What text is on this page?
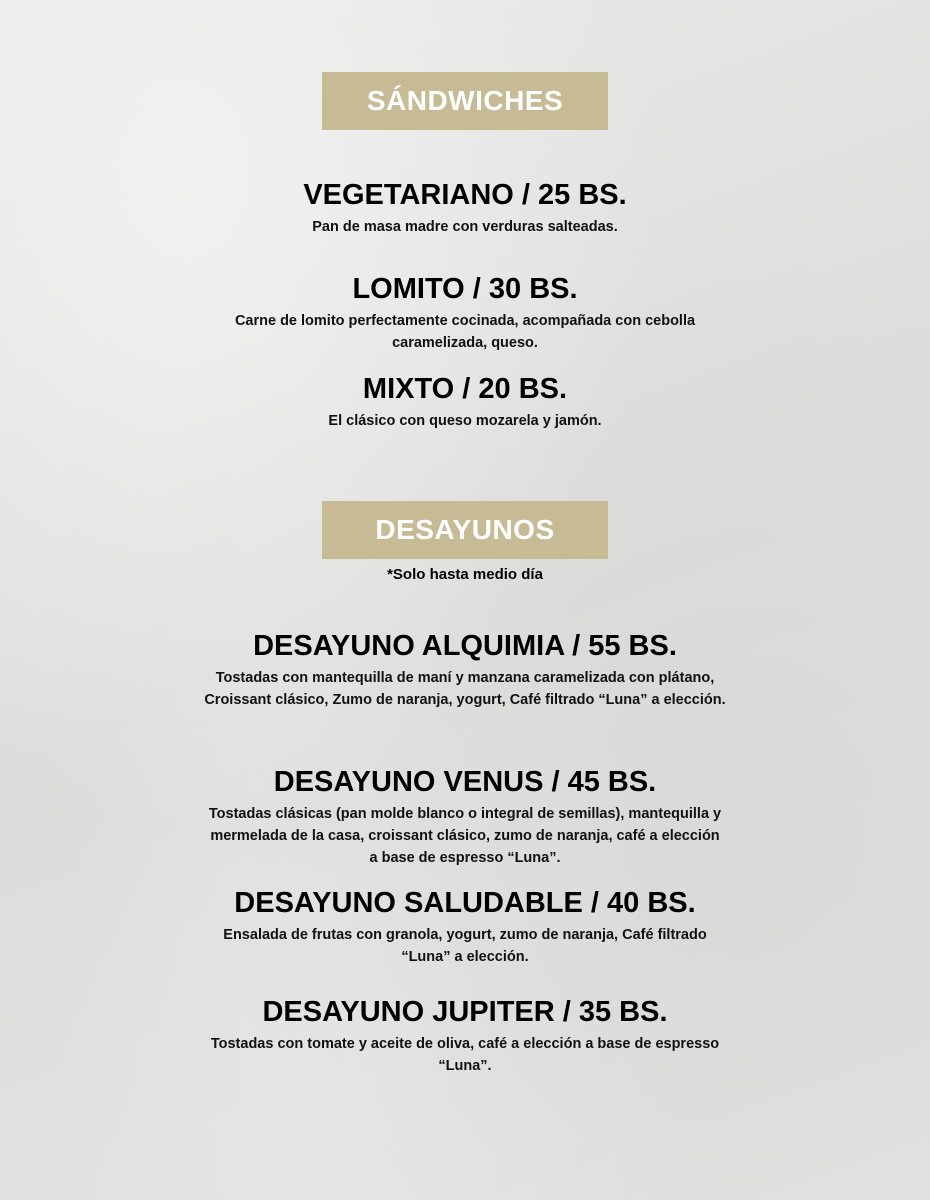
SÁNDWICHES

VEGETARIANO / 25 BS.

Pan de masa madre con verduras salteadas.

LOMITO / 30 BS.

Carne de lomito perfectamente cocinada, acompañada con cebolla caramelizada, queso.

MIXTO / 20 BS.

El clásico con queso mozarela y jamón.

DESAYUNOS
*Solo hasta medio día

DESAYUNO ALQUIMIA / 55 BS.

Tostadas con mantequilla de maní y manzana caramelizada con plátano, Croissant clásico, Zumo de naranja, yogurt, Café filtrado “Luna” a elección.

DESAYUNO VENUS / 45 BS.

Tostadas clásicas (pan molde blanco o integral de semillas), mantequilla y mermelada de la casa, croissant clásico, zumo de naranja, café a elección a base de espresso “Luna”.

DESAYUNO SALUDABLE / 40 BS.

Ensalada de frutas con granola, yogurt, zumo de naranja, Café filtrado “Luna” a elección.

DESAYUNO JUPITER / 35 BS.

Tostadas con tomate y aceite de oliva, café a elección a base de espresso “Luna”.
